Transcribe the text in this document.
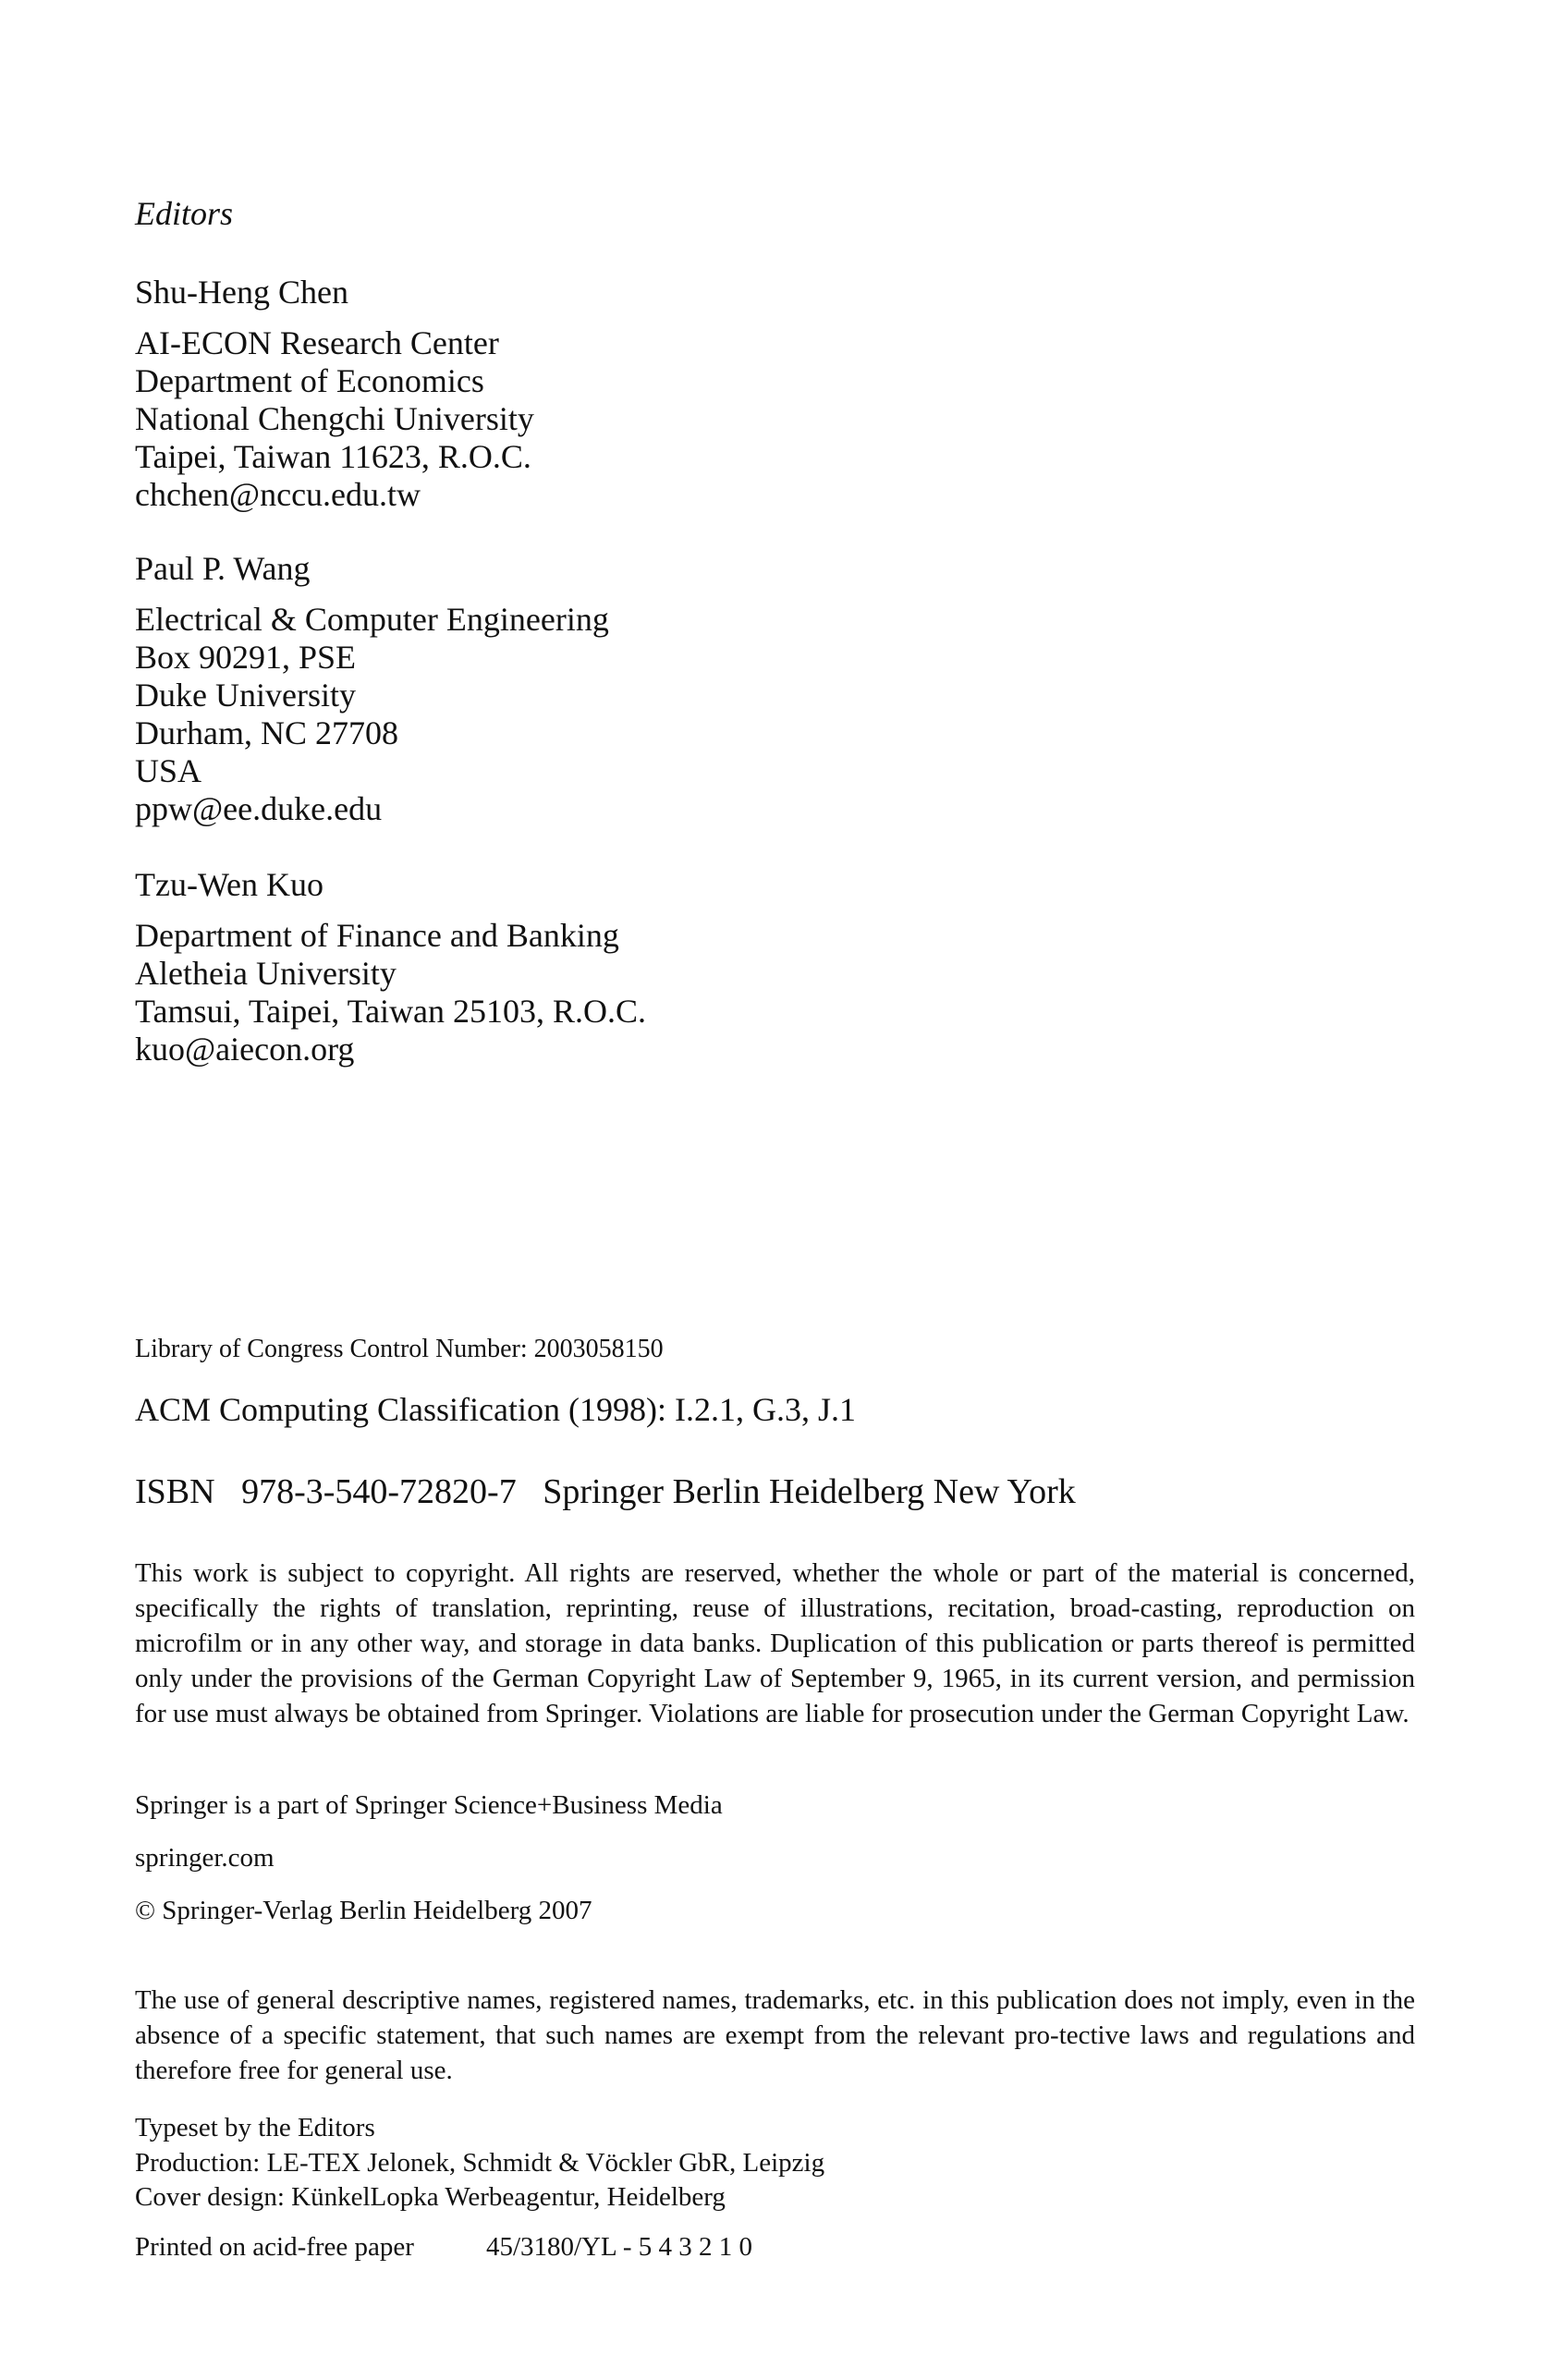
Editors
Shu-Heng Chen
AI-ECON Research Center
Department of Economics
National Chengchi University
Taipei, Taiwan 11623, R.O.C.
chchen@nccu.edu.tw
Paul P. Wang
Electrical & Computer Engineering
Box 90291, PSE
Duke University
Durham, NC 27708
USA
ppw@ee.duke.edu
Tzu-Wen Kuo
Department of Finance and Banking
Aletheia University
Tamsui, Taipei, Taiwan 25103, R.O.C.
kuo@aiecon.org
Library of Congress Control Number: 2003058150
ACM Computing Classification (1998): I.2.1, G.3, J.1
ISBN 978-3-540-72820-7 Springer Berlin Heidelberg New York
This work is subject to copyright. All rights are reserved, whether the whole or part of the material is concerned, specifically the rights of translation, reprinting, reuse of illustrations, recitation, broad-casting, reproduction on microfilm or in any other way, and storage in data banks. Duplication of this publication or parts thereof is permitted only under the provisions of the German Copyright Law of September 9, 1965, in its current version, and permission for use must always be obtained from Springer. Violations are liable for prosecution under the German Copyright Law.
Springer is a part of Springer Science+Business Media
springer.com
© Springer-Verlag Berlin Heidelberg 2007
The use of general descriptive names, registered names, trademarks, etc. in this publication does not imply, even in the absence of a specific statement, that such names are exempt from the relevant pro-tective laws and regulations and therefore free for general use.
Typeset by the Editors
Production: LE-TEX Jelonek, Schmidt & Vöckler GbR, Leipzig
Cover design: KünkelLopka Werbeagentur, Heidelberg
Printed on acid-free paper	45/3180/YL - 5 4 3 2 1 0
